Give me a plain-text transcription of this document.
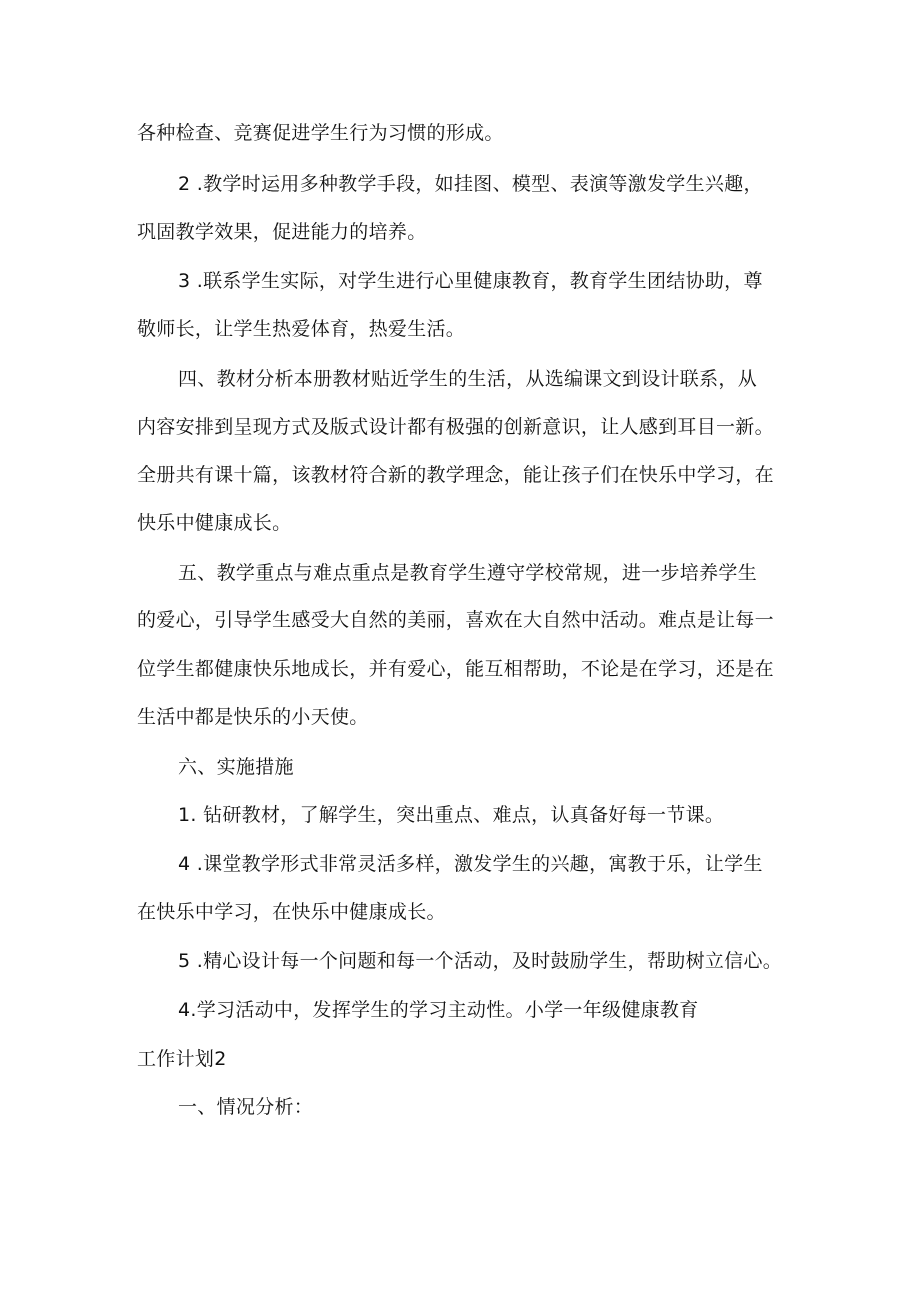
各种检查、竞赛促进学生行为习惯的形成。
2 .教学时运用多种教学手段，如挂图、模型、表演等激发学生兴趣，
巩固教学效果，促进能力的培养。
3 .联系学生实际，对学生进行心里健康教育，教育学生团结协助，尊
敬师长，让学生热爱体育，热爱生活。
四、教材分析本册教材贴近学生的生活，从选编课文到设计联系，从
内容安排到呈现方式及版式设计都有极强的创新意识，让人感到耳目一新。
全册共有课十篇，该教材符合新的教学理念，能让孩子们在快乐中学习，在
快乐中健康成长。
五、教学重点与难点重点是教育学生遵守学校常规，进一步培养学生
的爱心，引导学生感受大自然的美丽，喜欢在大自然中活动。难点是让每一
位学生都健康快乐地成长，并有爱心，能互相帮助，不论是在学习，还是在
生活中都是快乐的小天使。
六、实施措施
1. 钻研教材，了解学生，突出重点、难点，认真备好每一节课。
4 .课堂教学形式非常灵活多样，激发学生的兴趣，寓教于乐，让学生
在快乐中学习，在快乐中健康成长。
5 .精心设计每一个问题和每一个活动，及时鼓励学生，帮助树立信心。
4.学习活动中，发挥学生的学习主动性。小学一年级健康教育
工作计划2
一、情况分析：
